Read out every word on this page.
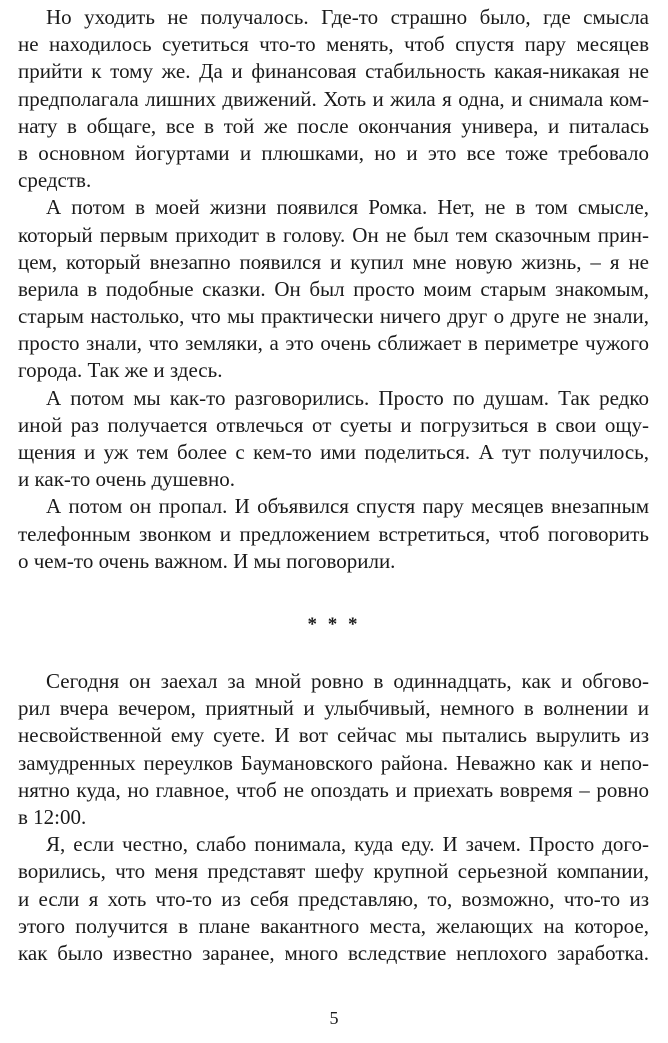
Но уходить не получалось. Где-то страшно было, где смысла
не находилось суетиться что-то менять, чтоб спустя пару месяцев
прийти к тому же. Да и финансовая стабильность какая-никакая не
предполагала лишних движений. Хоть и жила я одна, и снимала ком-
нату в общаге, все в той же после окончания универа, и питалась
в основном йогуртами и плюшками, но и это все тоже требовало
средств.
А потом в моей жизни появился Ромка. Нет, не в том смысле,
который первым приходит в голову. Он не был тем сказочным прин-
цем, который внезапно появился и купил мне новую жизнь, – я не
верила в подобные сказки. Он был просто моим старым знакомым,
старым настолько, что мы практически ничего друг о друге не знали,
просто знали, что земляки, а это очень сближает в периметре чужого
города. Так же и здесь.
А потом мы как-то разговорились. Просто по душам. Так редко
иной раз получается отвлечься от суеты и погрузиться в свои ощу-
щения и уж тем более с кем-то ими поделиться. А тут получилось,
и как-то очень душевно.
А потом он пропал. И объявился спустя пару месяцев внезапным
телефонным звонком и предложением встретиться, чтоб поговорить
о чем-то очень важном. И мы поговорили.
* * *
Сегодня он заехал за мной ровно в одиннадцать, как и обгово-
рил вчера вечером, приятный и улыбчивый, немного в волнении и
несвойственной ему суете. И вот сейчас мы пытались вырулить из
замудренных переулков Баумановского района. Неважно как и непо-
нятно куда, но главное, чтоб не опоздать и приехать вовремя – ровно
в 12:00.
Я, если честно, слабо понимала, куда еду. И зачем. Просто дого-
ворились, что меня представят шефу крупной серьезной компании,
и если я хоть что-то из себя представляю, то, возможно, что-то из
этого получится в плане вакантного места, желающих на которое,
как было известно заранее, много вследствие неплохого заработка.
5
